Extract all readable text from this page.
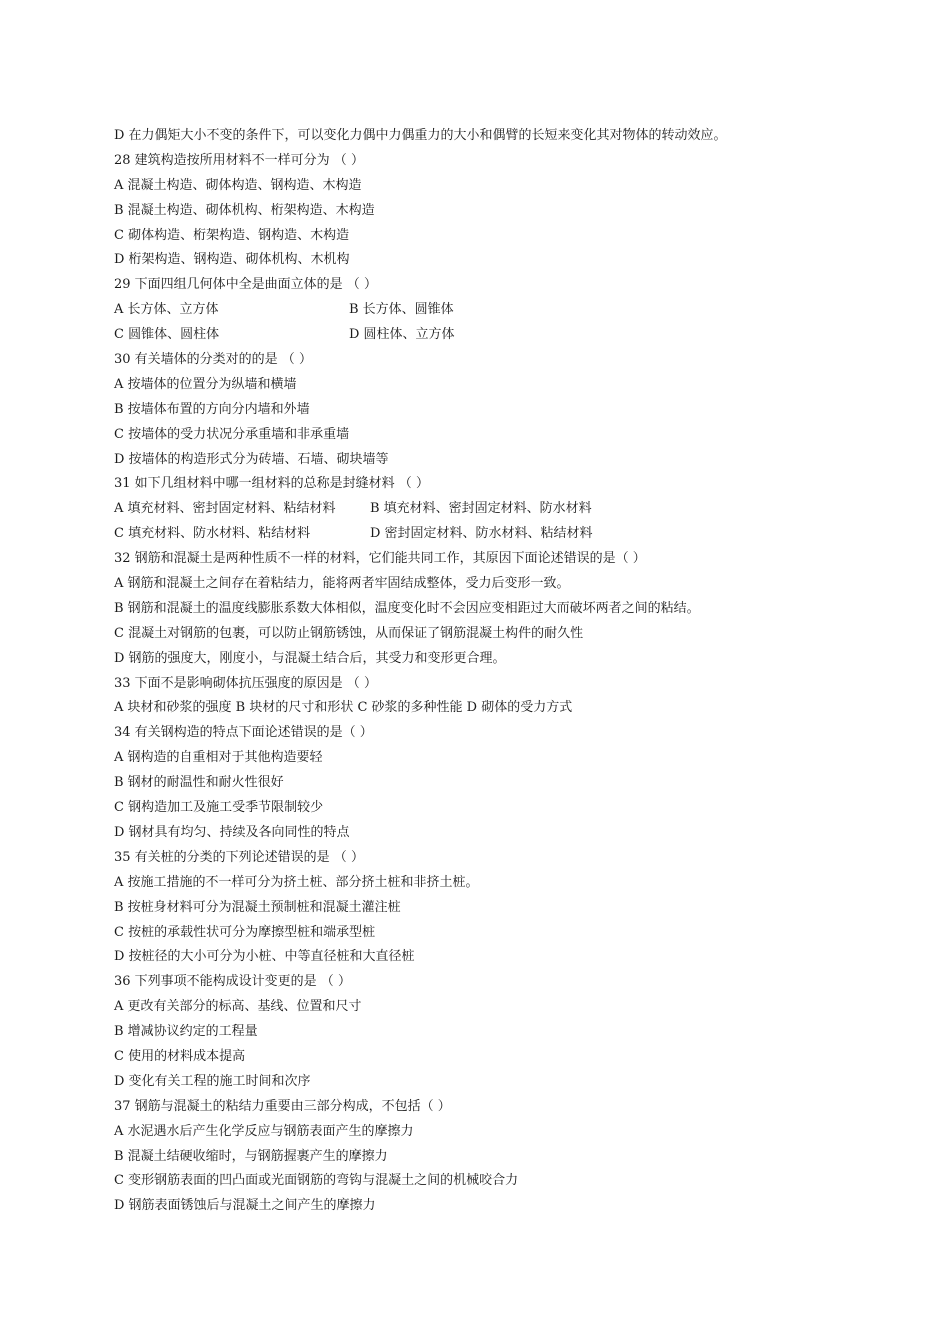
D 在力偶矩大小不变的条件下，可以变化力偶中力偶重力的大小和偶臂的长短来变化其对物体的转动效应。
28 建筑构造按所用材料不一样可分为 （ ）
A 混凝土构造、砌体构造、钢构造、木构造
B 混凝土构造、砌体机构、桁架构造、木构造
C 砌体构造、桁架构造、钢构造、木构造
D 桁架构造、钢构造、砌体机构、木机构
29 下面四组几何体中全是曲面立体的是 （ ）
A 长方体、立方体	B 长方体、圆锥体
C 圆锥体、圆柱体	D 圆柱体、立方体
30 有关墙体的分类对的的是 （ ）
A 按墙体的位置分为纵墙和横墙
B 按墙体布置的方向分内墙和外墙
C 按墙体的受力状况分承重墙和非承重墙
D 按墙体的构造形式分为砖墙、石墙、砌块墙等
31 如下几组材料中哪一组材料的总称是封缝材料 （ ）
A 填充材料、密封固定材料、粘结材料	B 填充材料、密封固定材料、防水材料
C 填充材料、防水材料、粘结材料	D 密封固定材料、防水材料、粘结材料
32 钢筋和混凝土是两种性质不一样的材料，它们能共同工作，其原因下面论述错误的是（ ）
A 钢筋和混凝土之间存在着粘结力，能将两者牢固结成整体，受力后变形一致。
B 钢筋和混凝土的温度线膨胀系数大体相似，温度变化时不会因应变相距过大而破坏两者之间的粘结。
C 混凝土对钢筋的包裹，可以防止钢筋锈蚀，从而保证了钢筋混凝土构件的耐久性
D 钢筋的强度大，刚度小，与混凝土结合后，其受力和变形更合理。
33 下面不是影响砌体抗压强度的原因是 （ ）
A 块材和砂浆的强度 B 块材的尺寸和形状 C 砂浆的多种性能 D 砌体的受力方式
34 有关钢构造的特点下面论述错误的是（ ）
A 钢构造的自重相对于其他构造要轻
B 钢材的耐温性和耐火性很好
C 钢构造加工及施工受季节限制较少
D 钢材具有均匀、持续及各向同性的特点
35 有关桩的分类的下列论述错误的是 （ ）
A 按施工措施的不一样可分为挤土桩、部分挤土桩和非挤土桩。
B 按桩身材料可分为混凝土预制桩和混凝土灌注桩
C 按桩的承载性状可分为摩擦型桩和端承型桩
D 按桩径的大小可分为小桩、中等直径桩和大直径桩
36 下列事项不能构成设计变更的是 （ ）
A 更改有关部分的标高、基线、位置和尺寸
B 增减协议约定的工程量
C 使用的材料成本提高
D 变化有关工程的施工时间和次序
37 钢筋与混凝土的粘结力重要由三部分构成，不包括（ ）
A 水泥遇水后产生化学反应与钢筋表面产生的摩擦力
B 混凝土结硬收缩时，与钢筋握裹产生的摩擦力
C 变形钢筋表面的凹凸面或光面钢筋的弯钩与混凝土之间的机械咬合力
D 钢筋表面锈蚀后与混凝土之间产生的摩擦力
